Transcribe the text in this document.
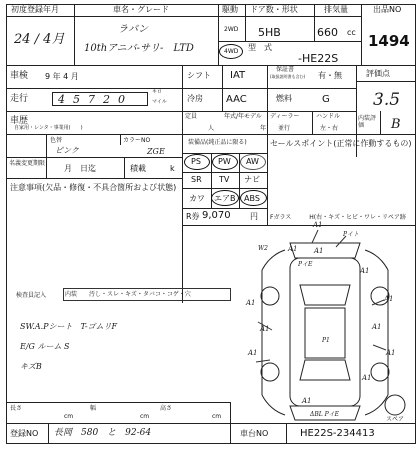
初度登録年月
24 / 4月
車名・グレード
ラパン
10thアニバ-サリ-　LTD
駆動
2WD
4WD
ドア数・形状
5HB
排気量
660 cc
型　式
-HE22S
出品NO
1494
車検 9 年 4 月	シフト IAT
保証書
(取扱説明書も含む) 有・無	評価点
3.5
走行	45720
キロ
マイル	冷房 AAC	燃料	G
車歴
自家用・レンタ・事業用(　　)
定員
人
年式/年モデル
年
ディーラー
並行
ハンドル
左・右
内装評価	B
色替	カラーNO
ピンク	ZGE
名義変更期限
月　日迄	積載	k
注意事項(欠品・修復・不具合箇所および状態)
装備品(純正品に限る)	セールスポイント(正常に作動するもの)
PS PW AW
SR TV ナビ
カワ エアB ABS
R券 9,070 円 Fガラス　　　H(右・キズ・ヒビ・ワレ・リペア跡
検査員記入	内装　　汚し・スレ・キズ・タバコ・コゲ・穴
SW.A.Pシート　T-ゴムリF
E/G ルーム S
キズB
A1
Pイト
A1
PイE
A1
A1
A1
A1
A1
A1
A1
A1
A1
ΔBL PイE
P1
W2
A1
スペア
長さ
cm
幅
cm
高さ
cm
登録NO 長岡　580　と　92-64	車台NO	HE22S-234413
